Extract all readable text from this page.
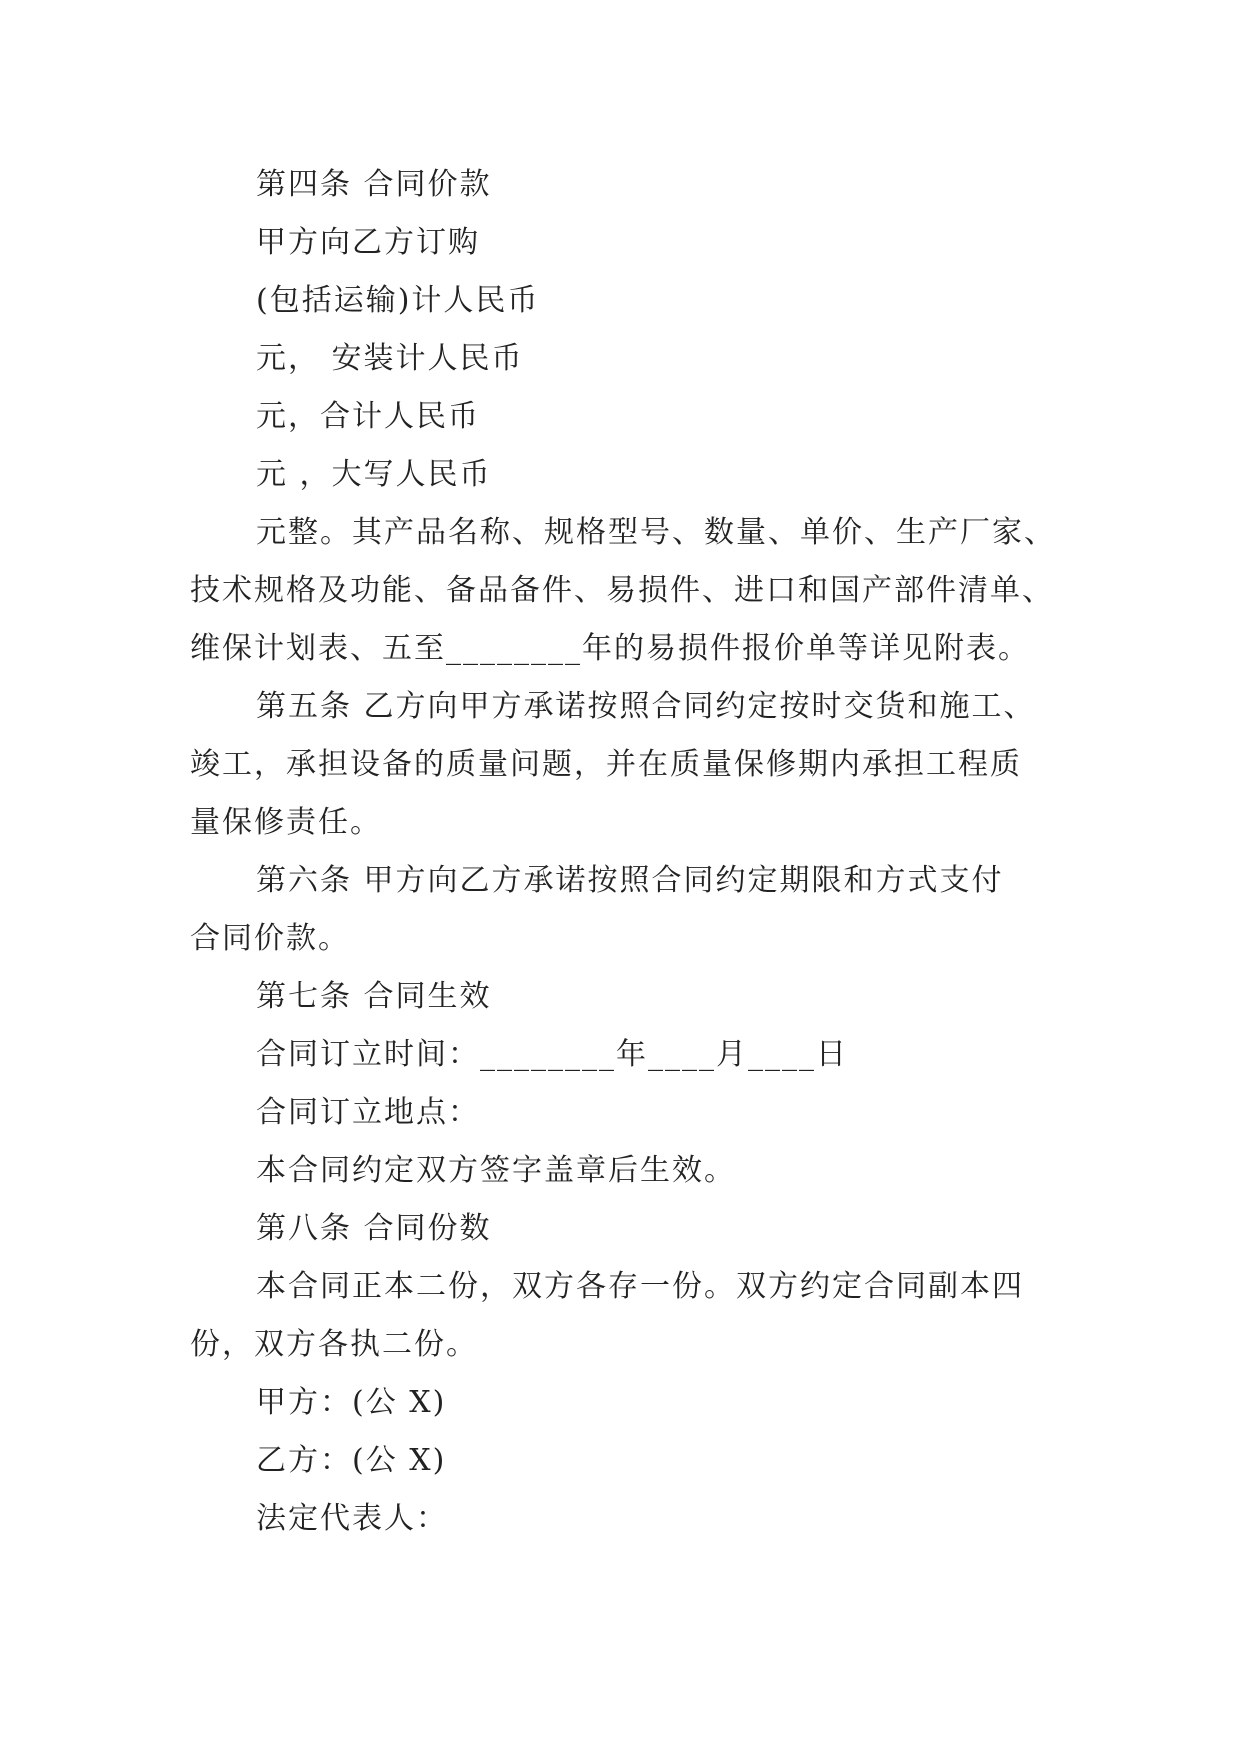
第四条 合同价款

甲方向乙方订购

(包括运输)计人民币

元， 安装计人民币

元，合计人民币

元 ，大写人民币

元整。其产品名称、规格型号、数量、单价、生产厂家、

技术规格及功能、备品备件、易损件、进口和国产部件清单、

维保计划表、五至________年的易损件报价单等详见附表。

第五条 乙方向甲方承诺按照合同约定按时交货和施工、

竣工，承担设备的质量问题，并在质量保修期内承担工程质

量保修责任。

第六条 甲方向乙方承诺按照合同约定期限和方式支付

合同价款。

第七条 合同生效

合同订立时间：________年____月____日

合同订立地点：

本合同约定双方签字盖章后生效。

第八条 合同份数

本合同正本二份，双方各存一份。双方约定合同副本四

份，双方各执二份。

甲方：(公 X)

乙方：(公 X)

法定代表人：
